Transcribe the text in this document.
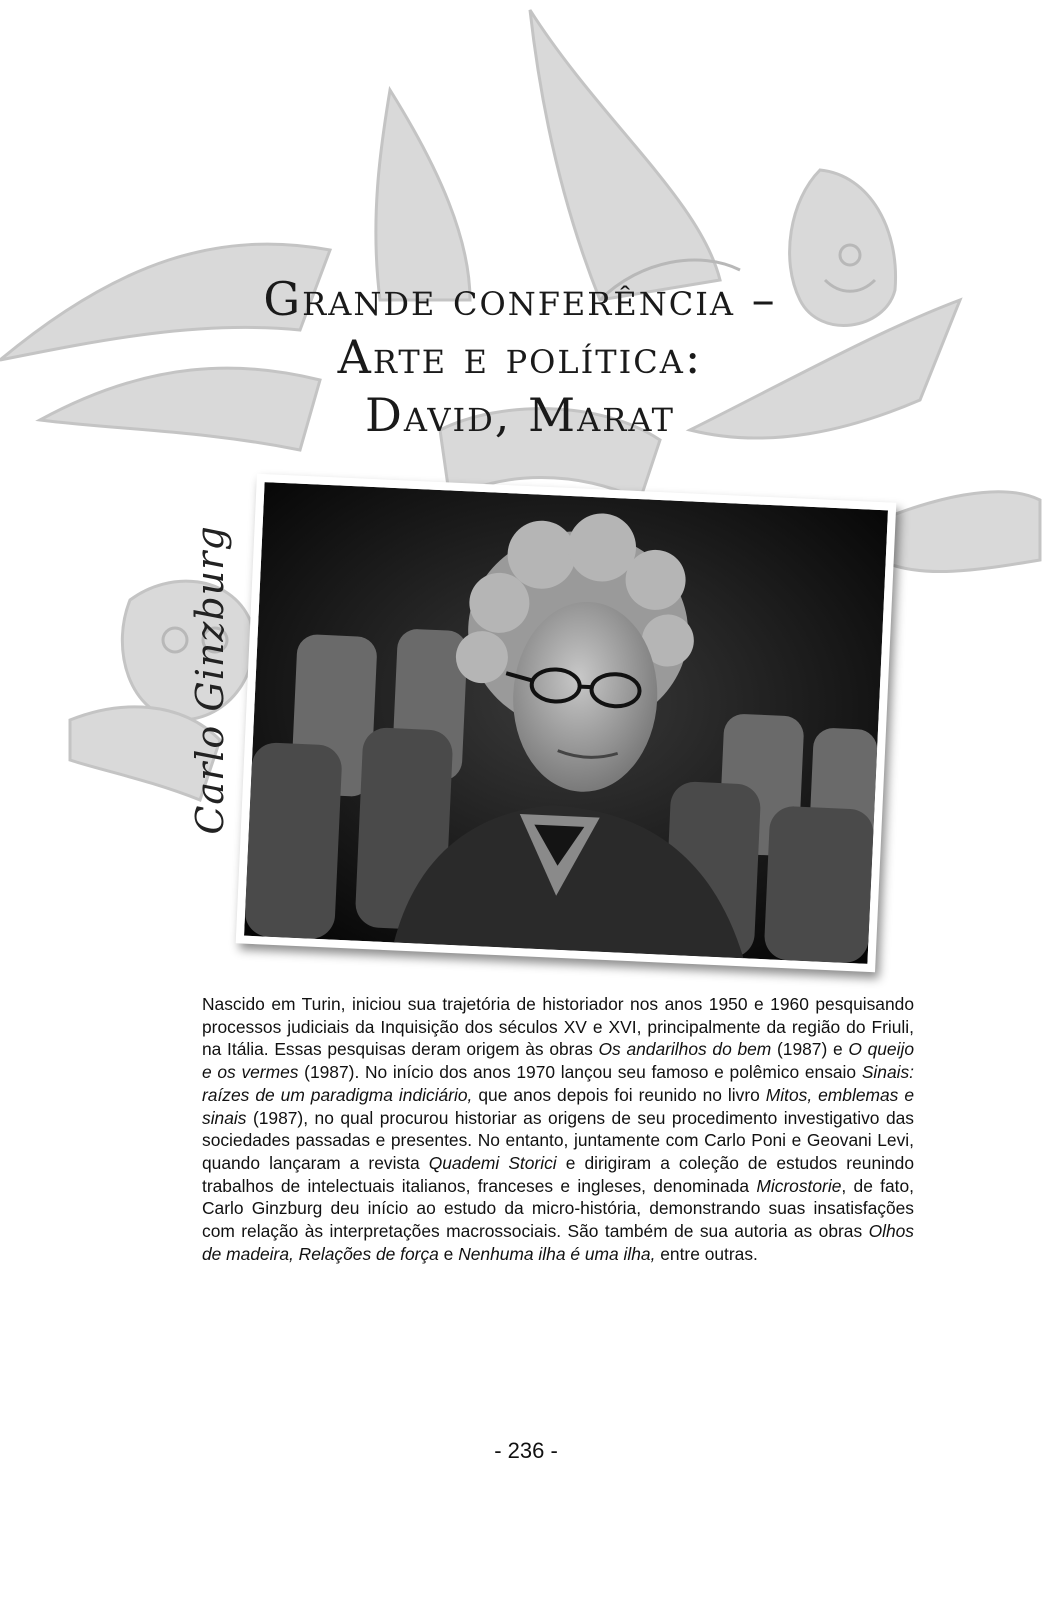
Grande conferência –
Arte e política:
David, Marat
Carlo Ginzburg

Nascido em Turin, iniciou sua trajetória de historiador nos anos 1950 e 1960 pesquisando processos judiciais da Inquisição dos séculos XV e XVI, principalmente da região do Friuli, na Itália. Essas pesquisas deram origem às obras Os andarilhos do bem (1987) e O queijo e os vermes (1987). No início dos anos 1970 lançou seu famoso e polêmico ensaio Sinais: raízes de um paradigma indiciário, que anos depois foi reunido no livro Mitos, emblemas e sinais (1987), no qual procurou historiar as origens de seu procedimento investigativo das sociedades passadas e presentes. No entanto, juntamente com Carlo Poni e Geovani Levi, quando lançaram a revista Quademi Storici e dirigiram a coleção de estudos reunindo trabalhos de intelectuais italianos, franceses e ingleses, denominada Microstorie, de fato, Carlo Ginzburg deu início ao estudo da micro-história, demonstrando suas insatisfações com relação às interpretações macrossociais. São também de sua autoria as obras Olhos de madeira, Relações de força e Nenhuma ilha é uma ilha, entre outras.

- 236 -
